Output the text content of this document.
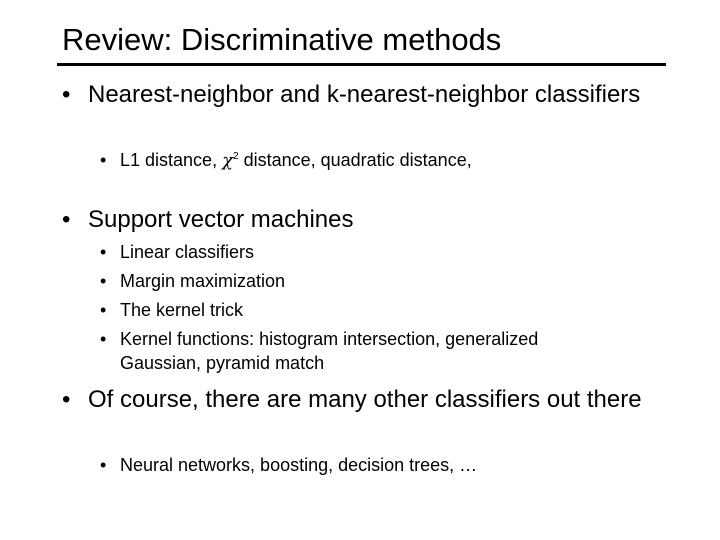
Review: Discriminative methods
• Nearest-neighbor and k-nearest-neighbor classifiers
• L1 distance, $\chi^2$ distance, quadratic distance,
• Support vector machines
• Linear classifiers
• Margin maximization
• The kernel trick
• Kernel functions: histogram intersection, generalized Gaussian, pyramid match
• Of course, there are many other classifiers out there
• Neural networks, boosting, decision trees, …
